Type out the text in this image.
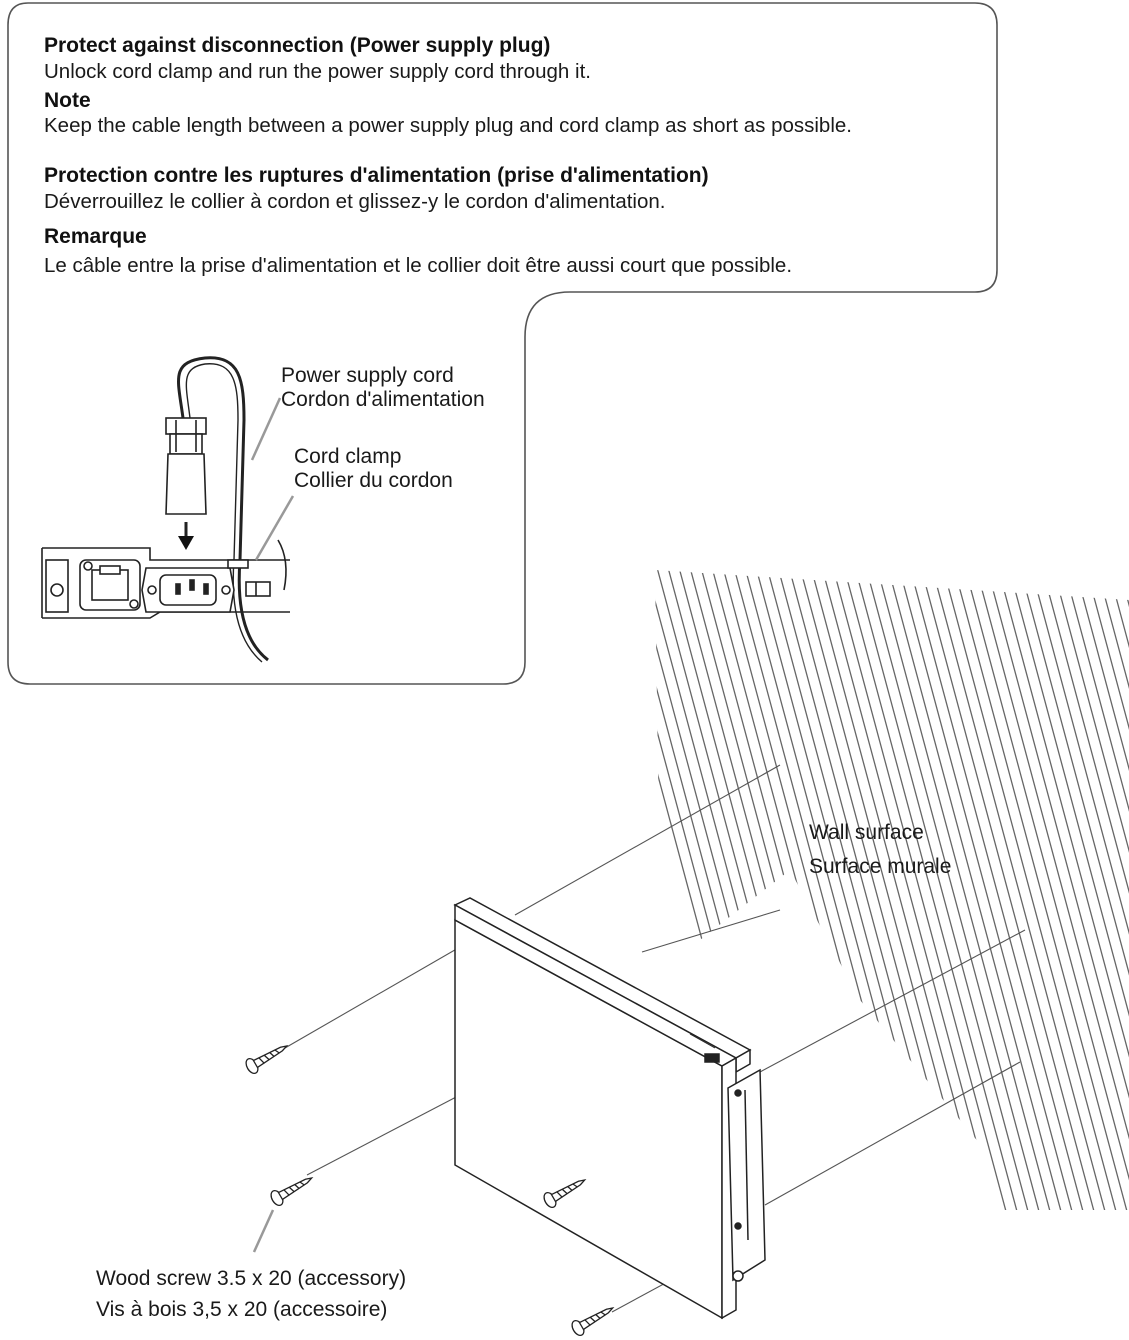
Protect against disconnection (Power supply plug)
Unlock cord clamp and run the power supply cord through it.
Note
Keep the cable length between a power supply plug and cord clamp as short as possible.
Protection contre les ruptures d'alimentation (prise d'alimentation)
Déverrouillez le collier à cordon et glissez-y le cordon d'alimentation.
Remarque
Le câble entre la prise d'alimentation et le collier doit être aussi court que possible.
Power supply cord
Cordon d'alimentation
Cord clamp
Collier du cordon
Wall surface
Surface murale
Wood screw 3.5 x 20 (accessory)
Vis à bois 3,5 x 20 (accessoire)
